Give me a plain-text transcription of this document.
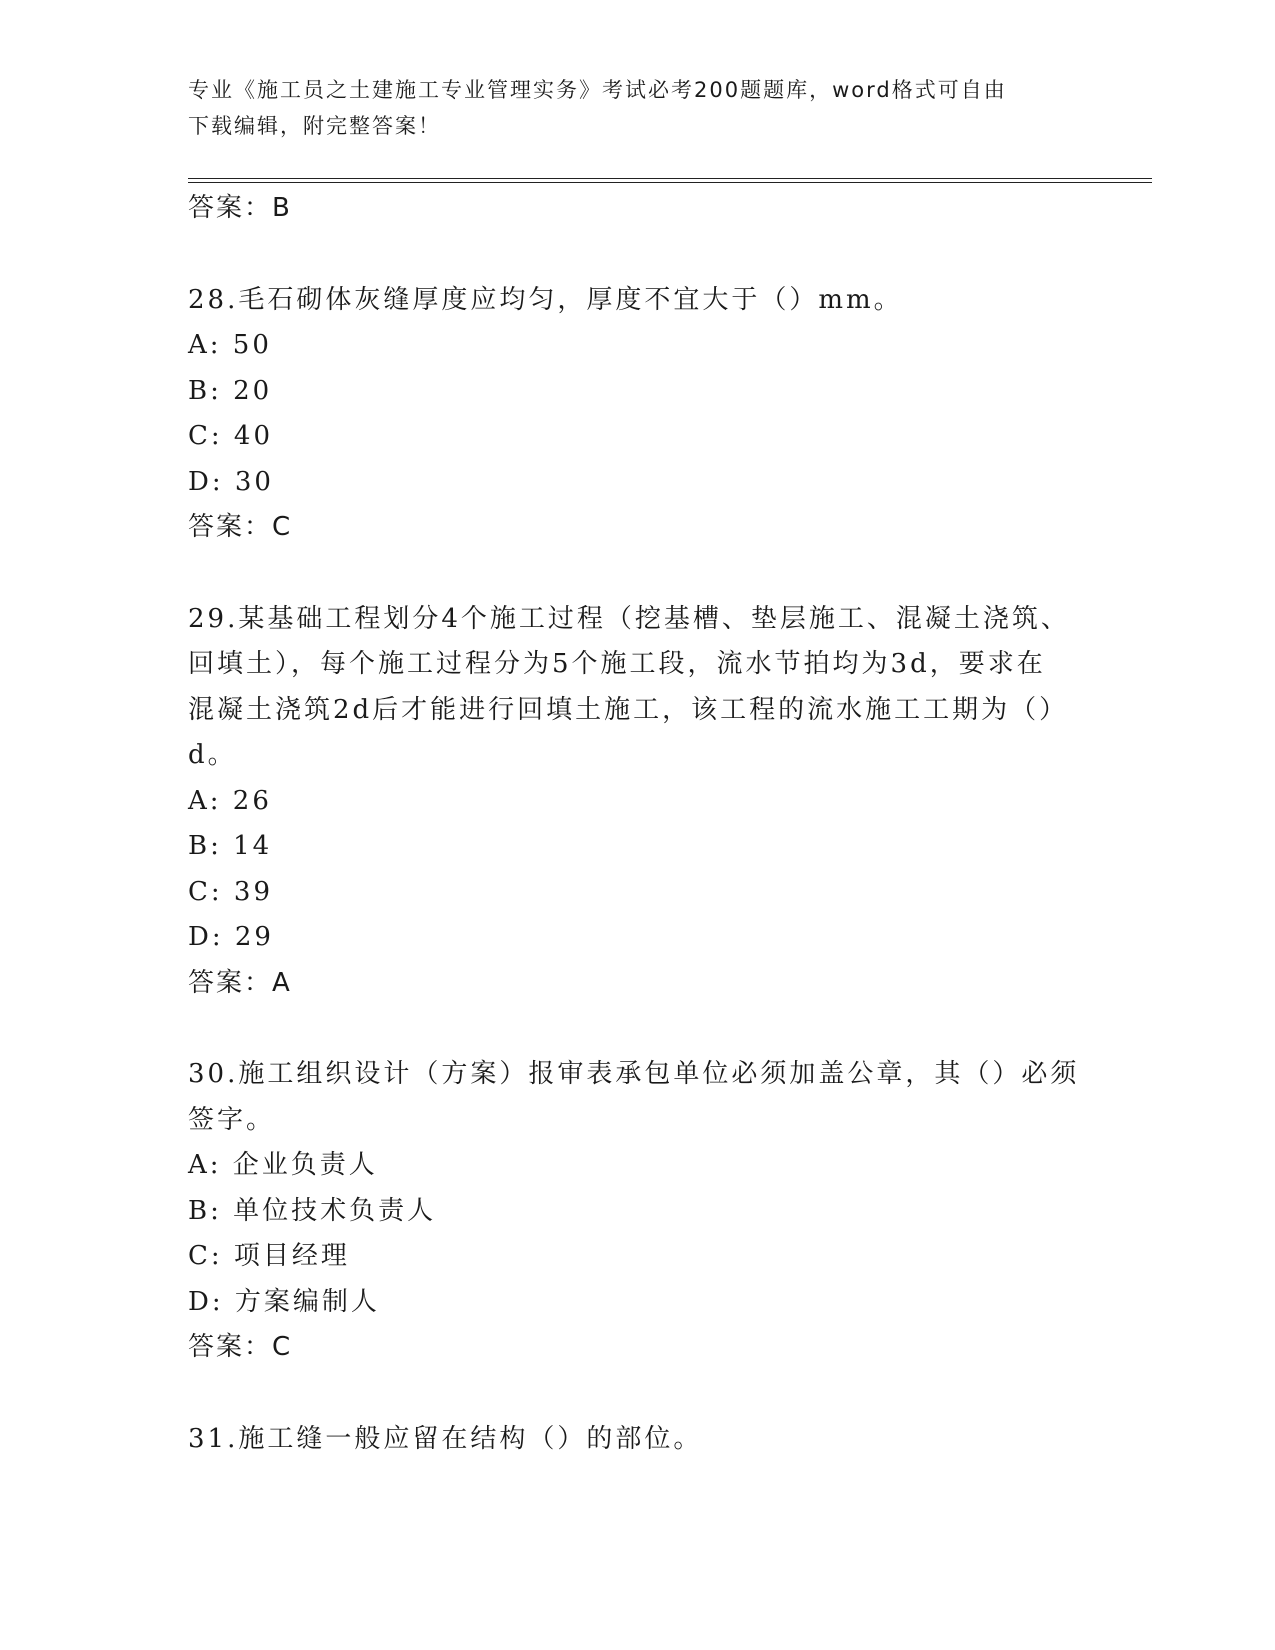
专业《施工员之土建施工专业管理实务》考试必考200题题库，word格式可自由
下载编辑，附完整答案！
答案：B
28.毛石砌体灰缝厚度应均匀，厚度不宜大于（）mm。
A: 50
B: 20
C: 40
D: 30
答案：C
29.某基础工程划分4个施工过程（挖基槽、垫层施工、混凝土浇筑、
回填土），每个施工过程分为5个施工段，流水节拍均为3d，要求在
混凝土浇筑2d后才能进行回填土施工，该工程的流水施工工期为（）
d。
A: 26
B: 14
C: 39
D: 29
答案：A
30.施工组织设计（方案）报审表承包单位必须加盖公章，其（）必须
签字。
A: 企业负责人
B: 单位技术负责人
C: 项目经理
D: 方案编制人
答案：C
31.施工缝一般应留在结构（）的部位。
